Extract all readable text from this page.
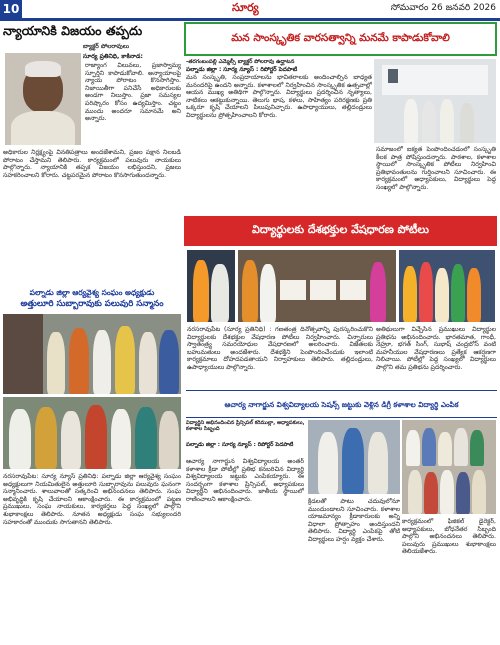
10	సూర్య	సోమవారం 26 జనవరి 2026
న్యాయానికి విజయం తప్పదు
బ్యాక్టర్ పోలరావులు
సూర్య ప్రతినిధి, కాకినాడ:
రాజ్యాంగ విలువలు, ప్రజాస్వామ్య స్ఫూర్తిని కాపాడుకోవాలి. అన్యాయాలపై న్యాయ పోరాటం కొనసాగిస్తాం. నిజాయితీగా పనిచేసే అధికారులకు అండగా నిలుస్తాం. ప్రజా సమస్యల పరిష్కారం కోసం ఉద్యమిస్తాం. చట్టం ముందు అందరూ సమానమే అని అన్నారు.
అధికారుల నిర్లక్ష్యంపై వినతిపత్రాలు అందజేశామని, ప్రజల పక్షాన నిలబడి పోరాటం చేస్తామని తెలిపారు. కార్యక్రమంలో పలువురు నాయకులు పాల్గొన్నారు. న్యాయానికి తప్పక విజయం లభిస్తుందని, ప్రజలు సహకరించాలని కోరారు. చట్టపరమైన పోరాటం కొనసాగుతుందన్నారు.
పల్నాడు జిల్లా ఆర్యవైశ్య సంఘం అధ్యక్షుడు
అత్తులూరి సుబ్బారావుకు పలువురి సన్మానం
నరసరావుపేట: సూర్య న్యూస్ ప్రతినిధి: పల్నాడు జిల్లా ఆర్యవైశ్య సంఘం అధ్యక్షులుగా నియమితులైన అత్తులూరి సుబ్బారావును పలువురు ఘనంగా సన్మానించారు. శాలువాలతో సత్కరించి అభినందనలు తెలిపారు. సంఘ అభివృద్ధికి కృషి చేయాలని ఆకాంక్షించారు. ఈ కార్యక్రమంలో పట్టణ ప్రముఖులు, సంఘ నాయకులు, కార్యకర్తలు పెద్ద సంఖ్యలో పాల్గొని శుభాకాంక్షలు తెలిపారు. నూతన అధ్యక్షుడు సంఘ సభ్యులందరి సహకారంతో ముందుకు సాగుతానని తెలిపారు.
మన సాంస్కృతిక వారసత్వాన్ని మనమే కాపాడుకోవాలి
-తరగంబంపల్లి ఎమ్మెల్సీ బ్యాక్టర్ పోలరావు ఉద్ఘాటన
పల్నాడు జిల్లా : సూర్య న్యూస్ : రిపోర్టర్ పెదపాటి
మన సంస్కృతి, సంప్రదాయాలను భావితరాలకు అందించాల్సిన బాధ్యత మనందరిపై ఉందని అన్నారు. కళాశాలలో నిర్వహించిన సాంస్కృతిక ఉత్సవాల్లో ఆయన ముఖ్య అతిథిగా పాల్గొన్నారు. విద్యార్థులు ప్రదర్శించిన నృత్యాలు, నాటికలు ఆకట్టుకున్నాయి. తెలుగు భాష, కళలు, సాహిత్యం పరిరక్షణకు ప్రతి ఒక్కరూ కృషి చేయాలని పిలుపునిచ్చారు. ఉపాధ్యాయులు, తల్లిదండ్రులు విద్యార్థులను ప్రోత్సహించాలని కోరారు.
సమాజంలో ఐక్యత పెంపొందించడంలో సంస్కృతి కీలక పాత్ర పోషిస్తుందన్నారు. పాఠశాల, కళాశాల స్థాయిలో సాంస్కృతిక పోటీలు నిర్వహించి ప్రతిభావంతులను గుర్తించాలని సూచించారు. ఈ కార్యక్రమంలో అధ్యాపకులు, విద్యార్థులు పెద్ద సంఖ్యలో పాల్గొన్నారు.
విద్యార్థులకు దేశభక్తుల వేషధారణ పోటీలు
నరసరావుపేట (సూర్య ప్రతినిధి) : గణతంత్ర దినోత్సవాన్ని పురస్కరించుకొని విద్యార్థులకు దేశభక్తుల వేషధారణ పోటీలు నిర్వహించారు. చిన్నారులు స్వాతంత్ర్య సమరయోధుల వేషధారణలో అలరించారు. విజేతలకు బహుమతులు అందజేశారు. దేశభక్తిని పెంపొందించేందుకు ఇలాంటి కార్యక్రమాలు దోహదపడతాయని నిర్వాహకులు తెలిపారు. తల్లిదండ్రులు, ఉపాధ్యాయులు పాల్గొన్నారు.
అతిథులుగా విచ్చేసిన ప్రముఖులు విద్యార్థుల ప్రతిభను అభినందించారు. భారతమాత, గాంధీ, నెహ్రూ, భగత్ సింగ్, సుభాష్ చంద్రబోస్ వంటి మహనీయుల వేషధారణలు ప్రత్యేక ఆకర్షణగా నిలిచాయి. పోటీల్లో పెద్ద సంఖ్యలో విద్యార్థులు పాల్గొని తమ ప్రతిభను ప్రదర్శించారు.
ఆచార్య నాగార్జున విశ్వవిద్యాలయ సెషన్స్ జట్టుకు వెళ్లిన డిగ్రీ కళాశాల విద్యార్థి ఎంపిక
విద్యార్థిని అభినందించిన ప్రిన్సిపల్ కరిముల్లా, అధ్యాపకులు, కళాశాల సిబ్బంది
పల్నాడు జిల్లా : సూర్య న్యూస్ : రిపోర్టర్ పెదపాటి
ఆచార్య నాగార్జున విశ్వవిద్యాలయ అంతర్ కళాశాల క్రీడా పోటీల్లో ప్రతిభ కనబరిచిన విద్యార్థి విశ్వవిద్యాలయ జట్టుకు ఎంపికయ్యారు. ఈ సందర్భంగా కళాశాల ప్రిన్సిపల్, అధ్యాపకులు విద్యార్థిని అభినందించారు. జాతీయ స్థాయిలో రాణించాలని ఆకాంక్షించారు.	క్రీడలతో పాటు చదువులోనూ ముందుండాలని సూచించారు. కళాశాల యాజమాన్యం క్రీడాకారులకు అన్ని విధాలా ప్రోత్సాహం అందిస్తుందని తెలిపారు. విద్యార్థి ఎంపికపై తోటి విద్యార్థులు హర్షం వ్యక్తం చేశారు.
కార్యక్రమంలో ఫిజికల్ డైరెక్టర్, అధ్యాపకులు, బోధనేతర సిబ్బంది పాల్గొని అభినందనలు తెలిపారు. పలువురు ప్రముఖులు శుభాకాంక్షలు తెలియజేశారు.
